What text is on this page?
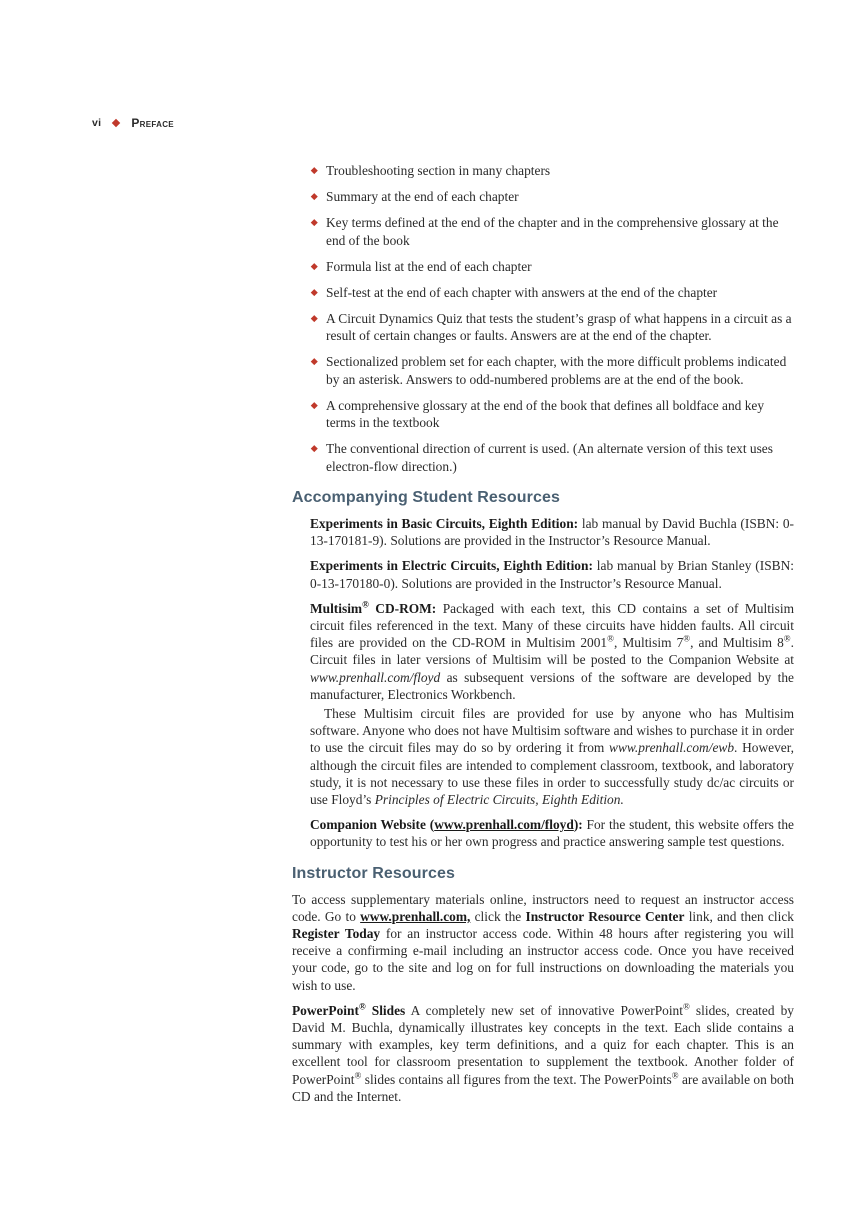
vi	Preface
Troubleshooting section in many chapters
Summary at the end of each chapter
Key terms defined at the end of the chapter and in the comprehensive glossary at the end of the book
Formula list at the end of each chapter
Self-test at the end of each chapter with answers at the end of the chapter
A Circuit Dynamics Quiz that tests the student’s grasp of what happens in a circuit as a result of certain changes or faults. Answers are at the end of the chapter.
Sectionalized problem set for each chapter, with the more difficult problems indicated by an asterisk. Answers to odd-numbered problems are at the end of the book.
A comprehensive glossary at the end of the book that defines all boldface and key terms in the textbook
The conventional direction of current is used. (An alternate version of this text uses electron-flow direction.)
Accompanying Student Resources

Experiments in Basic Circuits, Eighth Edition: lab manual by David Buchla (ISBN: 0-13-170181-9). Solutions are provided in the Instructor’s Resource Manual.

Experiments in Electric Circuits, Eighth Edition: lab manual by Brian Stanley (ISBN: 0-13-170180-0). Solutions are provided in the Instructor’s Resource Manual.

Multisim® CD-ROM: Packaged with each text, this CD contains a set of Multisim circuit files referenced in the text. Many of these circuits have hidden faults. All circuit files are provided on the CD-ROM in Multisim 2001®, Multisim 7®, and Multisim 8®. Circuit files in later versions of Multisim will be posted to the Companion Website at www.prenhall.com/floyd as subsequent versions of the software are developed by the manufacturer, Electronics Workbench.

These Multisim circuit files are provided for use by anyone who has Multisim software. Anyone who does not have Multisim software and wishes to purchase it in order to use the circuit files may do so by ordering it from www.prenhall.com/ewb. However, although the circuit files are intended to complement classroom, textbook, and laboratory study, it is not necessary to use these files in order to successfully study dc/ac circuits or use Floyd’s Principles of Electric Circuits, Eighth Edition.

Companion Website (www.prenhall.com/floyd): For the student, this website offers the opportunity to test his or her own progress and practice answering sample test questions.

Instructor Resources

To access supplementary materials online, instructors need to request an instructor access code. Go to www.prenhall.com, click the Instructor Resource Center link, and then click Register Today for an instructor access code. Within 48 hours after registering you will receive a confirming e-mail including an instructor access code. Once you have received your code, go to the site and log on for full instructions on downloading the materials you wish to use.

PowerPoint® Slides A completely new set of innovative PowerPoint® slides, created by David M. Buchla, dynamically illustrates key concepts in the text. Each slide contains a summary with examples, key term definitions, and a quiz for each chapter. This is an excellent tool for classroom presentation to supplement the textbook. Another folder of PowerPoint® slides contains all figures from the text. The PowerPoints® are available on both CD and the Internet.
